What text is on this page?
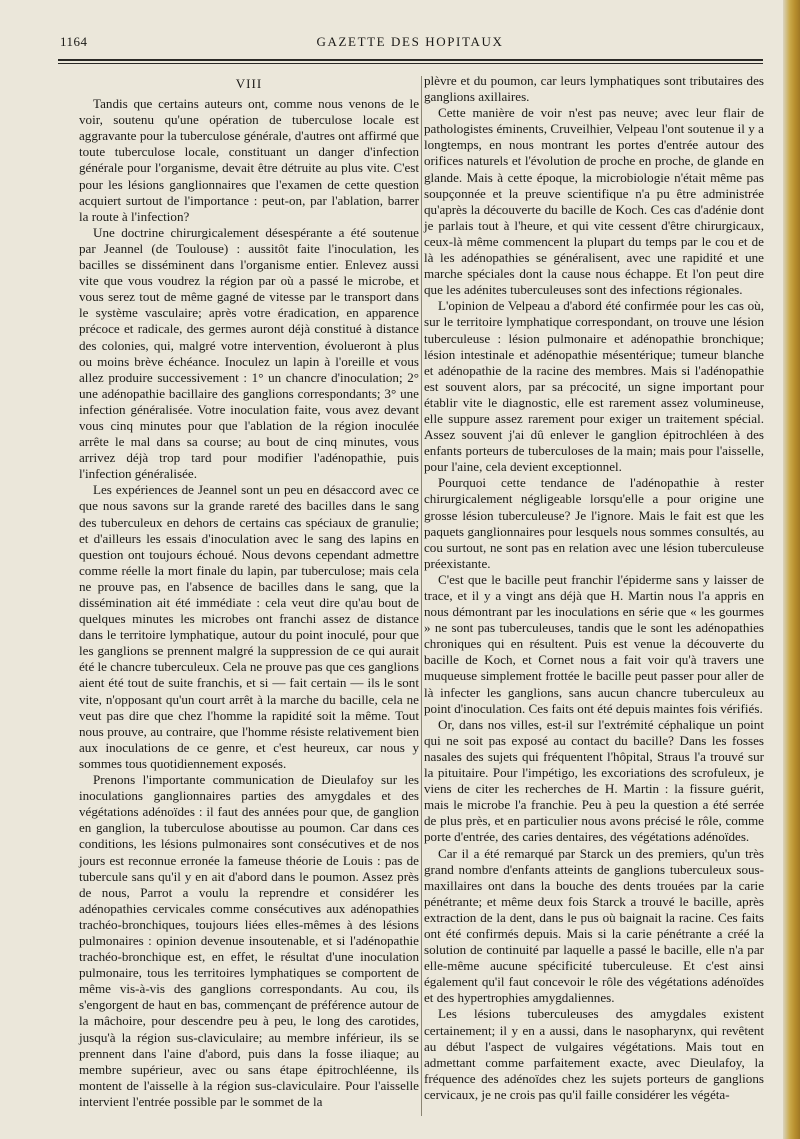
1164	GAZETTE DES HOPITAUX
VIII

Tandis que certains auteurs ont, comme nous venons de le voir, soutenu qu'une opération de tuberculose locale est aggravante pour la tuberculose générale, d'autres ont affirmé que toute tuberculose locale, constituant un danger d'infection générale pour l'organisme, devait être détruite au plus vite. C'est pour les lésions ganglionnaires que l'examen de cette question acquiert surtout de l'importance : peut-on, par l'ablation, barrer la route à l'infection?

Une doctrine chirurgicalement désespérante a été soutenue par Jeannel (de Toulouse) : aussitôt faite l'inoculation, les bacilles se disséminent dans l'organisme entier. Enlevez aussi vite que vous voudrez la région par où a passé le microbe, et vous serez tout de même gagné de vitesse par le transport dans le système vasculaire; après votre éradication, en apparence précoce et radicale, des germes auront déjà constitué à distance des colonies, qui, malgré votre intervention, évolueront à plus ou moins brève échéance. Inoculez un lapin à l'oreille et vous allez produire successivement : 1° un chancre d'inoculation; 2° une adénopathie bacillaire des ganglions correspondants; 3° une infection généralisée. Votre inoculation faite, vous avez devant vous cinq minutes pour que l'ablation de la région inoculée arrête le mal dans sa course; au bout de cinq minutes, vous arrivez déjà trop tard pour modifier l'adénopathie, puis l'infection généralisée.

Les expériences de Jeannel sont un peu en désaccord avec ce que nous savons sur la grande rareté des bacilles dans le sang des tuberculeux en dehors de certains cas spéciaux de granulie; et d'ailleurs les essais d'inoculation avec le sang des lapins en question ont toujours échoué. Nous devons cependant admettre comme réelle la mort finale du lapin, par tuberculose; mais cela ne prouve pas, en l'absence de bacilles dans le sang, que la dissémination ait été immédiate : cela veut dire qu'au bout de quelques minutes les microbes ont franchi assez de distance dans le territoire lymphatique, autour du point inoculé, pour que les ganglions se prennent malgré la suppression de ce qui aurait été le chancre tuberculeux. Cela ne prouve pas que ces ganglions aient été tout de suite franchis, et si — fait certain — ils le sont vite, n'opposant qu'un court arrêt à la marche du bacille, cela ne veut pas dire que chez l'homme la rapidité soit la même. Tout nous prouve, au contraire, que l'homme résiste relativement bien aux inoculations de ce genre, et c'est heureux, car nous y sommes tous quotidiennement exposés.

Prenons l'importante communication de Dieulafoy sur les inoculations ganglionnaires parties des amygdales et des végétations adénoïdes : il faut des années pour que, de ganglion en ganglion, la tuberculose aboutisse au poumon. Car dans ces conditions, les lésions pulmonaires sont consécutives et de nos jours est reconnue erronée la fameuse théorie de Louis : pas de tubercule sans qu'il y en ait d'abord dans le poumon. Assez près de nous, Parrot a voulu la reprendre et considérer les adénopathies cervicales comme consécutives aux adénopathies trachéo-bronchiques, toujours liées elles-mêmes à des lésions pulmonaires : opinion devenue insoutenable, et si l'adénopathie trachéo-bronchique est, en effet, le résultat d'une inoculation pulmonaire, tous les territoires lymphatiques se comportent de même vis-à-vis des ganglions correspondants. Au cou, ils s'engorgent de haut en bas, commençant de préférence autour de la mâchoire, pour descendre peu à peu, le long des carotides, jusqu'à la région sus-claviculaire; au membre inférieur, ils se prennent dans l'aine d'abord, puis dans la fosse iliaque; au membre supérieur, avec ou sans étape épitrochléenne, ils montent de l'aisselle à la région sus-claviculaire. Pour l'aisselle intervient l'entrée possible par le sommet de la

plèvre et du poumon, car leurs lymphatiques sont tributaires des ganglions axillaires.

Cette manière de voir n'est pas neuve; avec leur flair de pathologistes éminents, Cruveilhier, Velpeau l'ont soutenue il y a longtemps, en nous montrant les portes d'entrée autour des orifices naturels et l'évolution de proche en proche, de glande en glande. Mais à cette époque, la microbiologie n'était même pas soupçonnée et la preuve scientifique n'a pu être administrée qu'après la découverte du bacille de Koch. Ces cas d'adénie dont je parlais tout à l'heure, et qui vite cessent d'être chirurgicaux, ceux-là même commencent la plupart du temps par le cou et de là les adénopathies se généralisent, avec une rapidité et une marche spéciales dont la cause nous échappe. Et l'on peut dire que les adénites tuberculeuses sont des infections régionales.

L'opinion de Velpeau a d'abord été confirmée pour les cas où, sur le territoire lymphatique correspondant, on trouve une lésion tuberculeuse : lésion pulmonaire et adénopathie bronchique; lésion intestinale et adénopathie mésentérique; tumeur blanche et adénopathie de la racine des membres. Mais si l'adénopathie est souvent alors, par sa précocité, un signe important pour établir vite le diagnostic, elle est rarement assez volumineuse, elle suppure assez rarement pour exiger un traitement spécial. Assez souvent j'ai dû enlever le ganglion épitrochléen à des enfants porteurs de tuberculoses de la main; mais pour l'aisselle, pour l'aine, cela devient exceptionnel.

Pourquoi cette tendance de l'adénopathie à rester chirurgicalement négligeable lorsqu'elle a pour origine une grosse lésion tuberculeuse? Je l'ignore. Mais le fait est que les paquets ganglionnaires pour lesquels nous sommes consultés, au cou surtout, ne sont pas en relation avec une lésion tuberculeuse préexistante.

C'est que le bacille peut franchir l'épiderme sans y laisser de trace, et il y a vingt ans déjà que H. Martin nous l'a appris en nous démontrant par les inoculations en série que « les gourmes » ne sont pas tuberculeuses, tandis que le sont les adénopathies chroniques qui en résultent. Puis est venue la découverte du bacille de Koch, et Cornet nous a fait voir qu'à travers une muqueuse simplement frottée le bacille peut passer pour aller de là infecter les ganglions, sans aucun chancre tuberculeux au point d'inoculation. Ces faits ont été depuis maintes fois vérifiés.

Or, dans nos villes, est-il sur l'extrémité céphalique un point qui ne soit pas exposé au contact du bacille? Dans les fosses nasales des sujets qui fréquentent l'hôpital, Straus l'a trouvé sur la pituitaire. Pour l'impétigo, les excoriations des scrofuleux, je viens de citer les recherches de H. Martin : la fissure guérit, mais le microbe l'a franchie. Peu à peu la question a été serrée de plus près, et en particulier nous avons précisé le rôle, comme porte d'entrée, des caries dentaires, des végétations adénoïdes.

Car il a été remarqué par Starck un des premiers, qu'un très grand nombre d'enfants atteints de ganglions tuberculeux sous-maxillaires ont dans la bouche des dents trouées par la carie pénétrante; et même deux fois Starck a trouvé le bacille, après extraction de la dent, dans le pus où baignait la racine. Ces faits ont été confirmés depuis. Mais si la carie pénétrante a créé la solution de continuité par laquelle a passé le bacille, elle n'a par elle-même aucune spécificité tuberculeuse. Et c'est ainsi également qu'il faut concevoir le rôle des végétations adénoïdes et des hypertrophies amygdaliennes.

Les lésions tuberculeuses des amygdales existent certainement; il y en a aussi, dans le nasopharynx, qui revêtent au début l'aspect de vulgaires végétations. Mais tout en admettant comme parfaitement exacte, avec Dieulafoy, la fréquence des adénoïdes chez les sujets porteurs de ganglions cervicaux, je ne crois pas qu'il faille considérer les végéta-
